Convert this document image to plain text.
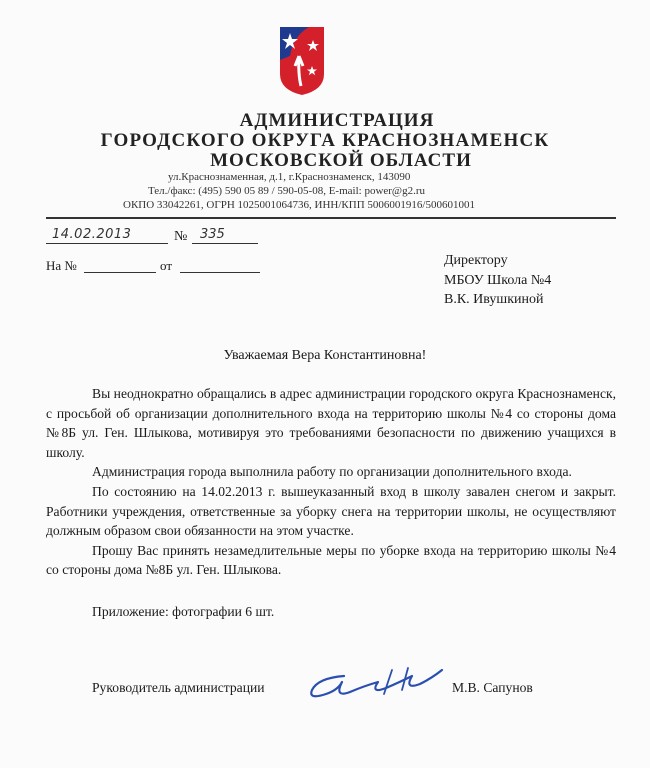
АДМИНИСТРАЦИЯ
ГОРОДСКОГО ОКРУГА КРАСНОЗНАМЕНСК
МОСКОВСКОЙ ОБЛАСТИ
ул.Краснознаменная, д.1, г.Краснознаменск, 143090
Тел./факс: (495) 590 05 89 / 590-05-08, E-mail: power@g2.ru
ОКПО 33042261, ОГРН 1025001064736, ИНН/КПП 5006001916/500601001
14.02.2013	№ 335
На №	от	Директору
МБОУ Школа №4
В.К. Ивушкиной
Уважаемая Вера Константиновна!

Вы неоднократно обращались в адрес администрации городского округа Краснознаменск, с просьбой об организации дополнительного входа на территорию школы №4 со стороны дома №8Б ул. Ген. Шлыкова, мотивируя это требованиями безопасности по движению учащихся в школу.

Администрация города выполнила работу по организации дополнительного входа.

По состоянию на 14.02.2013 г. вышеуказанный вход в школу завален снегом и закрыт. Работники учреждения, ответственные за уборку снега на территории школы, не осуществляют должным образом свои обязанности на этом участке.

Прошу Вас принять незамедлительные меры по уборке входа на территорию школы №4 со стороны дома №8Б ул. Ген. Шлыкова.

Приложение: фотографии 6 шт.
Руководитель администрации	М.В. Сапунов
